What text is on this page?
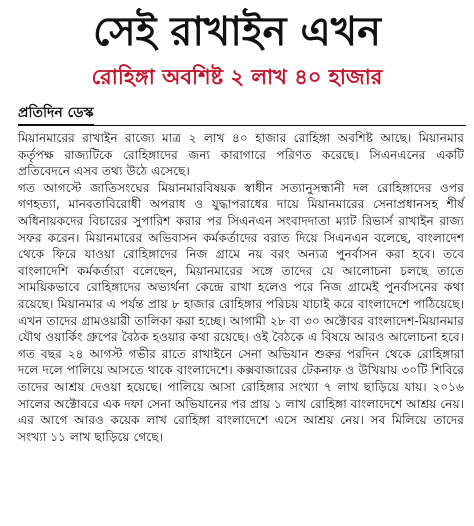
সেই রাখাইন এখন
রোহিঙ্গা অবশিষ্ট ২ লাখ ৪০ হাজার
প্রতিদিন ডেস্ক

মিয়ানমারের রাখাইন রাজ্যে মাত্র ২ লাখ ৪০ হাজার রোহিঙ্গা অবশিষ্ট আছে। মিয়ানমার কর্তৃপক্ষ রাজ্যটিকে রোহিঙ্গাদের জন্য কারাগারে পরিণত করেছে। সিএনএনের একটি প্রতিবেদনে এসব তথ্য উঠে এসেছে।

গত আগস্টে জাতিসংঘের মিয়ানমারবিষয়ক স্বাধীন সত্যানুসন্ধানী দল রোহিঙ্গাদের ওপর গণহত্যা, মানবতাবিরোধী অপরাধ ও যুদ্ধাপরাধের দায়ে মিয়ানমারের সেনাপ্রধানসহ শীর্ষ অধিনায়কদের বিচারের সুপারিশ করার পর সিএনএন সংবাদদাতা ম্যাট রিভার্স রাখাইন রাজ্য সফর করেন। মিয়ানমারের অভিবাসন কর্মকর্তাদের বরাত দিয়ে সিএনএন বলেছে, বাংলাদেশ থেকে ফিরে যাওয়া রোহিঙ্গাদের নিজ গ্রামে নয় বরং অন্যত্র পুনর্বাসন করা হবে। তবে বাংলাদেশি কর্মকর্তারা বলেছেন, মিয়ানমারের সঙ্গে তাদের যে আলোচনা চলছে তাতে সাময়িকভাবে রোহিঙ্গাদের অভ্যর্থনা কেন্দ্রে রাখা হলেও পরে নিজ গ্রামেই পুনর্বাসনের কথা রয়েছে। মিয়ানমার এ পর্যন্ত প্রায় ৮ হাজার রোহিঙ্গার পরিচয় যাচাই করে বাংলাদেশে পাঠিয়েছে। এখন তাদের গ্রামওয়ারী তালিকা করা হচ্ছে। আগামী ২৮ বা ৩০ অক্টোবর বাংলাদেশ-মিয়ানমার যৌথ ওয়ার্কিং গ্রুপের বৈঠক হওয়ার কথা রয়েছে। ওই বৈঠকে এ বিষয়ে আরও আলোচনা হবে। গত বছর ২৪ আগস্ট গভীর রাতে রাখাইনে সেনা অভিযান শুরুর পরদিন থেকে রোহিঙ্গারা দলে দলে পালিয়ে আসতে থাকে বাংলাদেশে। কক্সবাজারের টেকনাফ ও উখিয়ায় ৩০টি শিবিরে তাদের আশ্রয় দেওয়া হয়েছে। পালিয়ে আসা রোহিঙ্গার সংখ্যা ৭ লাখ ছাড়িয়ে যায়। ২০১৬ সালের অক্টোবরে এক দফা সেনা অভিযানের পর প্রায় ১ লাখ রোহিঙ্গা বাংলাদেশে আশ্রয় নেয়। এর আগে আরও কয়েক লাখ রোহিঙ্গা বাংলাদেশে এসে আশ্রয় নেয়। সব মিলিয়ে তাদের সংখ্যা ১১ লাখ ছাড়িয়ে গেছে।
